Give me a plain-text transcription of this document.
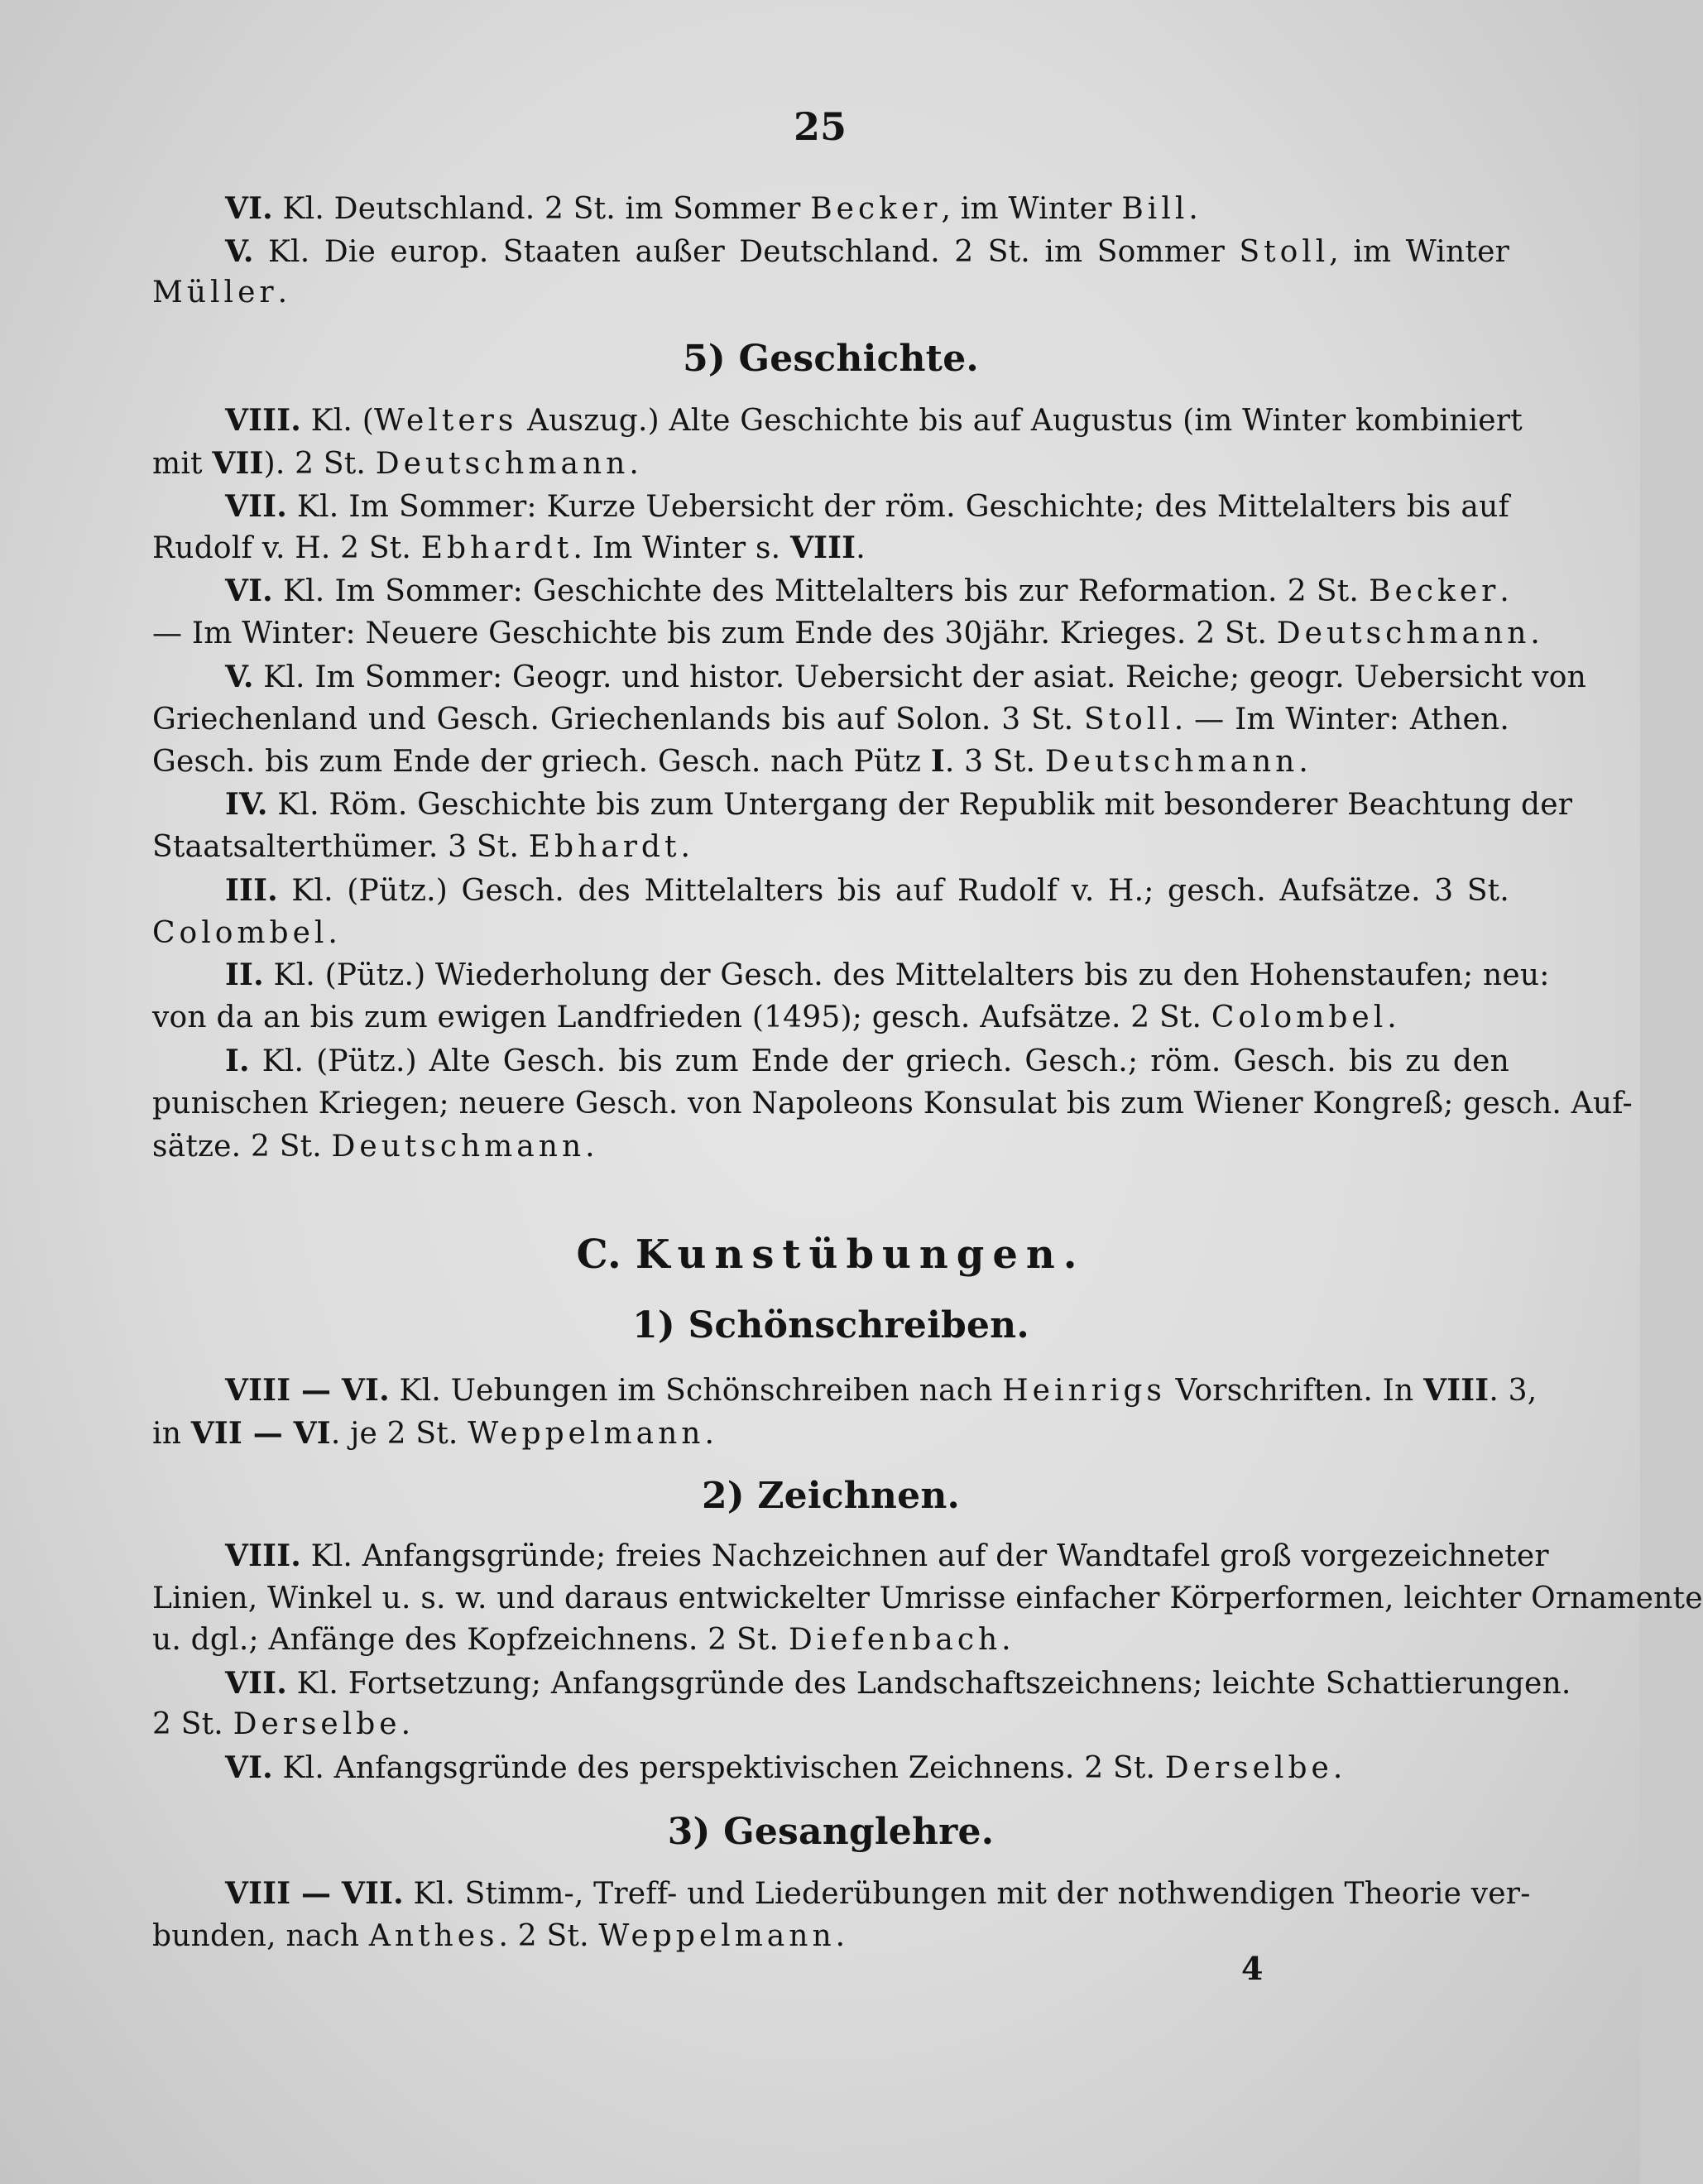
25
VI. Kl. Deutschland. 2 St. im Sommer Becker, im Winter Bill.
V. Kl. Die europ. Staaten außer Deutschland. 2 St. im Sommer Stoll, im Winter
Müller.
5) Geschichte.
VIII. Kl. (Welters Auszug.) Alte Geschichte bis auf Augustus (im Winter kombiniert
mit VII). 2 St. Deutschmann.
VII. Kl. Im Sommer: Kurze Uebersicht der röm. Geschichte; des Mittelalters bis auf
Rudolf v. H. 2 St. Ebhardt. Im Winter s. VIII.
VI. Kl. Im Sommer: Geschichte des Mittelalters bis zur Reformation. 2 St. Becker.
— Im Winter: Neuere Geschichte bis zum Ende des 30jähr. Krieges. 2 St. Deutschmann.
V. Kl. Im Sommer: Geogr. und histor. Uebersicht der asiat. Reiche; geogr. Uebersicht von
Griechenland und Gesch. Griechenlands bis auf Solon. 3 St. Stoll. — Im Winter: Athen.
Gesch. bis zum Ende der griech. Gesch. nach Pütz I. 3 St. Deutschmann.
IV. Kl. Röm. Geschichte bis zum Untergang der Republik mit besonderer Beachtung der
Staatsalterthümer. 3 St. Ebhardt.
III. Kl. (Pütz.) Gesch. des Mittelalters bis auf Rudolf v. H.; gesch. Aufsätze. 3 St.
Colombel.
II. Kl. (Pütz.) Wiederholung der Gesch. des Mittelalters bis zu den Hohenstaufen; neu:
von da an bis zum ewigen Landfrieden (1495); gesch. Aufsätze. 2 St. Colombel.
I. Kl. (Pütz.) Alte Gesch. bis zum Ende der griech. Gesch.; röm. Gesch. bis zu den
punischen Kriegen; neuere Gesch. von Napoleons Konsulat bis zum Wiener Kongreß; gesch. Auf-
sätze. 2 St. Deutschmann.
C. Kunstübungen.
1) Schönschreiben.
VIII — VI. Kl. Uebungen im Schönschreiben nach Heinrigs Vorschriften. In VIII. 3,
in VII — VI. je 2 St. Weppelmann.
2) Zeichnen.
VIII. Kl. Anfangsgründe; freies Nachzeichnen auf der Wandtafel groß vorgezeichneter
Linien, Winkel u. s. w. und daraus entwickelter Umrisse einfacher Körperformen, leichter Ornamente
u. dgl.; Anfänge des Kopfzeichnens. 2 St. Diefenbach.
VII. Kl. Fortsetzung; Anfangsgründe des Landschaftszeichnens; leichte Schattierungen.
2 St. Derselbe.
VI. Kl. Anfangsgründe des perspektivischen Zeichnens. 2 St. Derselbe.
3) Gesanglehre.
VIII — VII. Kl. Stimm-, Treff- und Liederübungen mit der nothwendigen Theorie ver-
bunden, nach Anthes. 2 St. Weppelmann.
4
